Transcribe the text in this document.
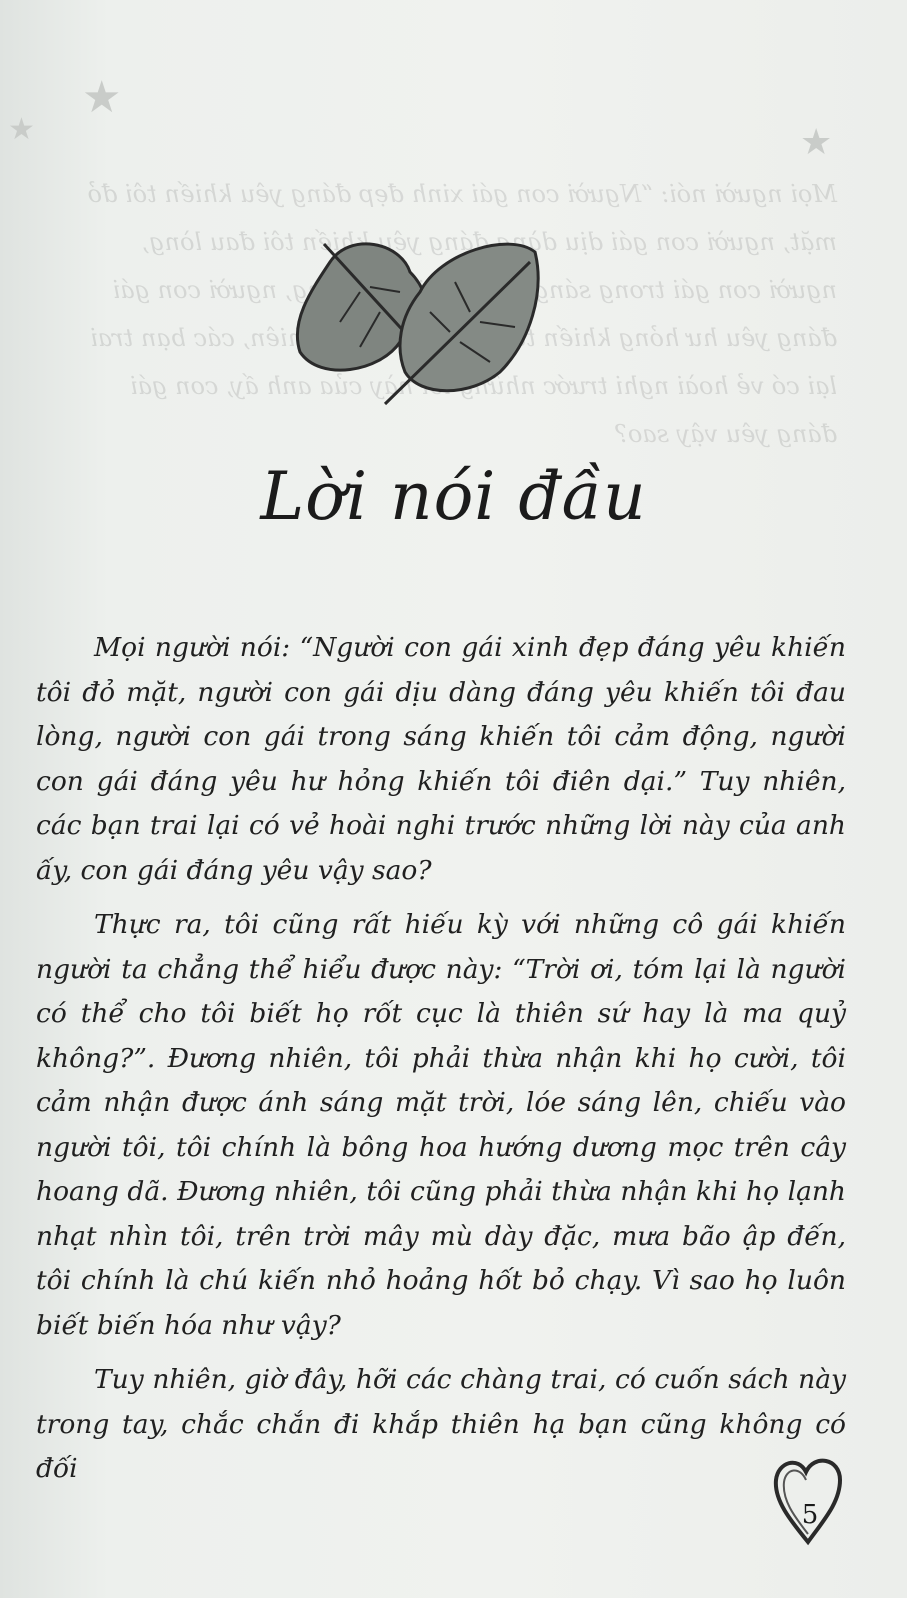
★
★	★
Mọi người nói: “Người con gái xinh đẹp đáng yêu khiến tôi đỏ mặt, người con gái dịu dàng đáng yêu khiến tôi đau lòng, người con gái trong sáng người con gái đáng yêu hư hỏng khiến nhiên, các bạn trai lại có vẻ hoài nghi trước những này của anh ấy, con gái đáng yêu vậy sao?
Lời nói đầu

Mọi người nói: “Người con gái xinh đẹp đáng yêu khiến tôi đỏ mặt, người con gái dịu dàng đáng yêu khiến tôi đau lòng, người con gái trong sáng khiến tôi cảm động, người con gái đáng yêu hư hỏng khiến tôi điên dại.” Tuy nhiên, các bạn trai lại có vẻ hoài nghi trước những lời này của anh ấy, con gái đáng yêu vậy sao?

Thực ra, tôi cũng rất hiếu kỳ với những cô gái khiến người ta chẳng thể hiểu được này: “Trời ơi, tóm lại là người có thể cho tôi biết họ rốt cục là thiên sứ hay là ma quỷ không?”. Đương nhiên, tôi phải thừa nhận khi họ cười, tôi cảm nhận được ánh sáng mặt trời, lóe sáng lên, chiếu vào người tôi, tôi chính là bông hoa hướng dương mọc trên cây hoang dã. Đương nhiên, tôi cũng phải thừa nhận khi họ lạnh nhạt nhìn tôi, trên trời mây mù dày đặc, mưa bão ập đến, tôi chính là chú kiến nhỏ hoảng hốt bỏ chạy. Vì sao họ luôn biết biến hóa như vậy?

Tuy nhiên, giờ đây, hỡi các chàng trai, có cuốn sách này trong tay, chắc chắn đi khắp thiên hạ bạn cũng không có đối

5
